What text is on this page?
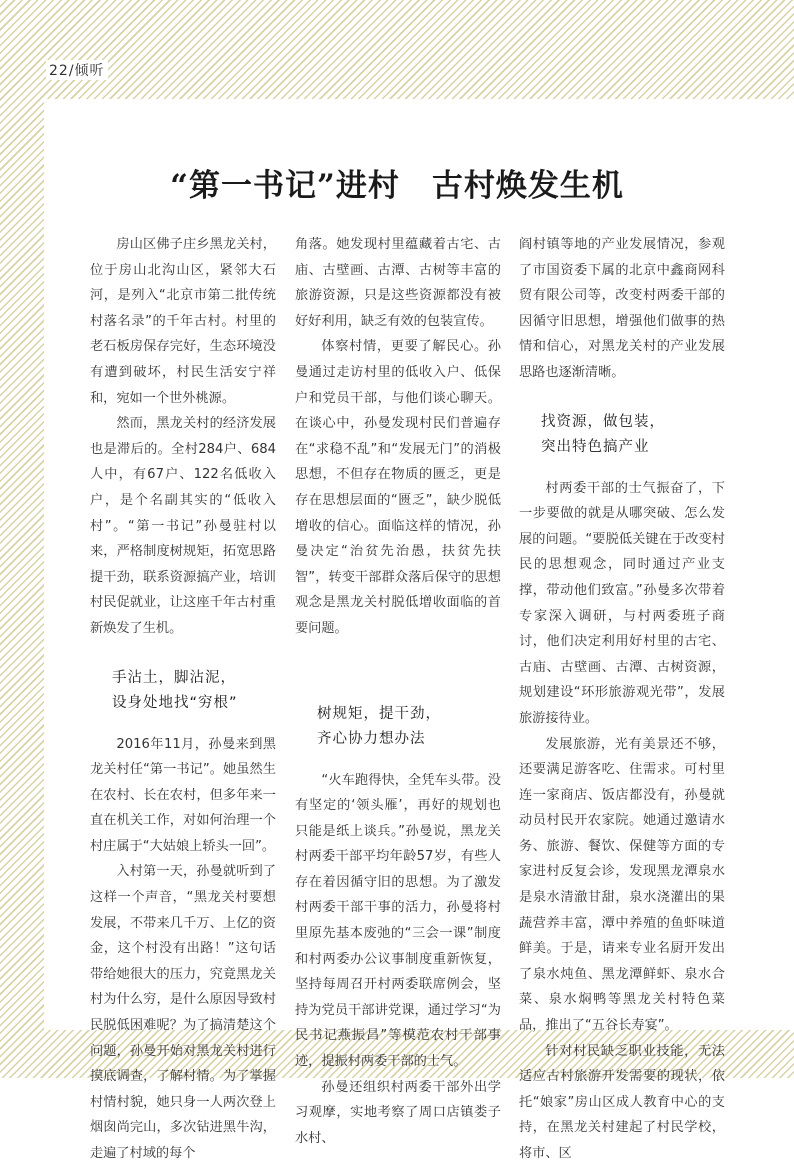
22/倾听
“第一书记”进村　古村焕发生机

房山区佛子庄乡黑龙关村，位于房山北沟山区，紧邻大石河，是列入“北京市第二批传统村落名录”的千年古村。村里的老石板房保存完好，生态环境没有遭到破坏，村民生活安宁祥和，宛如一个世外桃源。

然而，黑龙关村的经济发展也是滞后的。全村284户、684人中，有67户、122名低收入户，是个名副其实的“低收入村”。“第一书记”孙曼驻村以来，严格制度树规矩，拓宽思路提干劲，联系资源搞产业，培训村民促就业，让这座千年古村重新焕发了生机。

手沾土，脚沾泥，
设身处地找“穷根”

2016年11月，孙曼来到黑龙关村任“第一书记”。她虽然生在农村、长在农村，但多年来一直在机关工作，对如何治理一个村庄属于“大姑娘上轿头一回”。

入村第一天，孙曼就听到了这样一个声音，“黑龙关村要想发展，不带来几千万、上亿的资金，这个村没有出路！”这句话带给她很大的压力，究竟黑龙关村为什么穷，是什么原因导致村民脱低困难呢？为了搞清楚这个问题，孙曼开始对黑龙关村进行摸底调查，了解村情。为了掌握村情村貌，她只身一人两次登上烟囱尚完山，多次钻进黑牛沟，走遍了村域的每个

角落。她发现村里蕴藏着古宅、古庙、古壁画、古潭、古树等丰富的旅游资源，只是这些资源都没有被好好利用，缺乏有效的包装宣传。

体察村情，更要了解民心。孙曼通过走访村里的低收入户、低保户和党员干部，与他们谈心聊天。在谈心中，孙曼发现村民们普遍存在“求稳不乱”和“发展无门”的消极思想，不但存在物质的匮乏，更是存在思想层面的“匮乏”，缺少脱低增收的信心。面临这样的情况，孙曼决定“治贫先治愚，扶贫先扶智”，转变干部群众落后保守的思想观念是黑龙关村脱低增收面临的首要问题。

树规矩，提干劲，
齐心协力想办法

“火车跑得快，全凭车头带。没有坚定的‘领头雁’，再好的规划也只能是纸上谈兵。”孙曼说，黑龙关村两委干部平均年龄57岁，有些人存在着因循守旧的思想。为了激发村两委干部干事的活力，孙曼将村里原先基本废弛的“三会一课”制度和村两委办公议事制度重新恢复，坚持每周召开村两委联席例会，坚持为党员干部讲党课，通过学习“为民书记燕振昌”等模范农村干部事迹，提振村两委干部的士气。

孙曼还组织村两委干部外出学习观摩，实地考察了周口店镇娄子水村、

阎村镇等地的产业发展情况，参观了市国资委下属的北京中鑫商网科贸有限公司等，改变村两委干部的因循守旧思想，增强他们做事的热情和信心，对黑龙关村的产业发展思路也逐渐清晰。

找资源，做包装，
突出特色搞产业

村两委干部的士气振奋了，下一步要做的就是从哪突破、怎么发展的问题。“要脱低关键在于改变村民的思想观念，同时通过产业支撑，带动他们致富。”孙曼多次带着专家深入调研，与村两委班子商讨，他们决定利用好村里的古宅、古庙、古壁画、古潭、古树资源，规划建设“环形旅游观光带”，发展旅游接待业。

发展旅游，光有美景还不够，还要满足游客吃、住需求。可村里连一家商店、饭店都没有，孙曼就动员村民开农家院。她通过邀请水务、旅游、餐饮、保健等方面的专家进村反复会诊，发现黑龙潭泉水是泉水清澈甘甜，泉水浇灌出的果蔬营养丰富，潭中养殖的鱼虾味道鲜美。于是，请来专业名厨开发出了泉水炖鱼、黑龙潭鲜虾、泉水合菜、泉水焖鸭等黑龙关村特色菜品，推出了“五谷长寿宴”。

针对村民缺乏职业技能，无法适应古村旅游开发需要的现状，依托“娘家”房山区成人教育中心的支持，在黑龙关村建起了村民学校，将市、区
